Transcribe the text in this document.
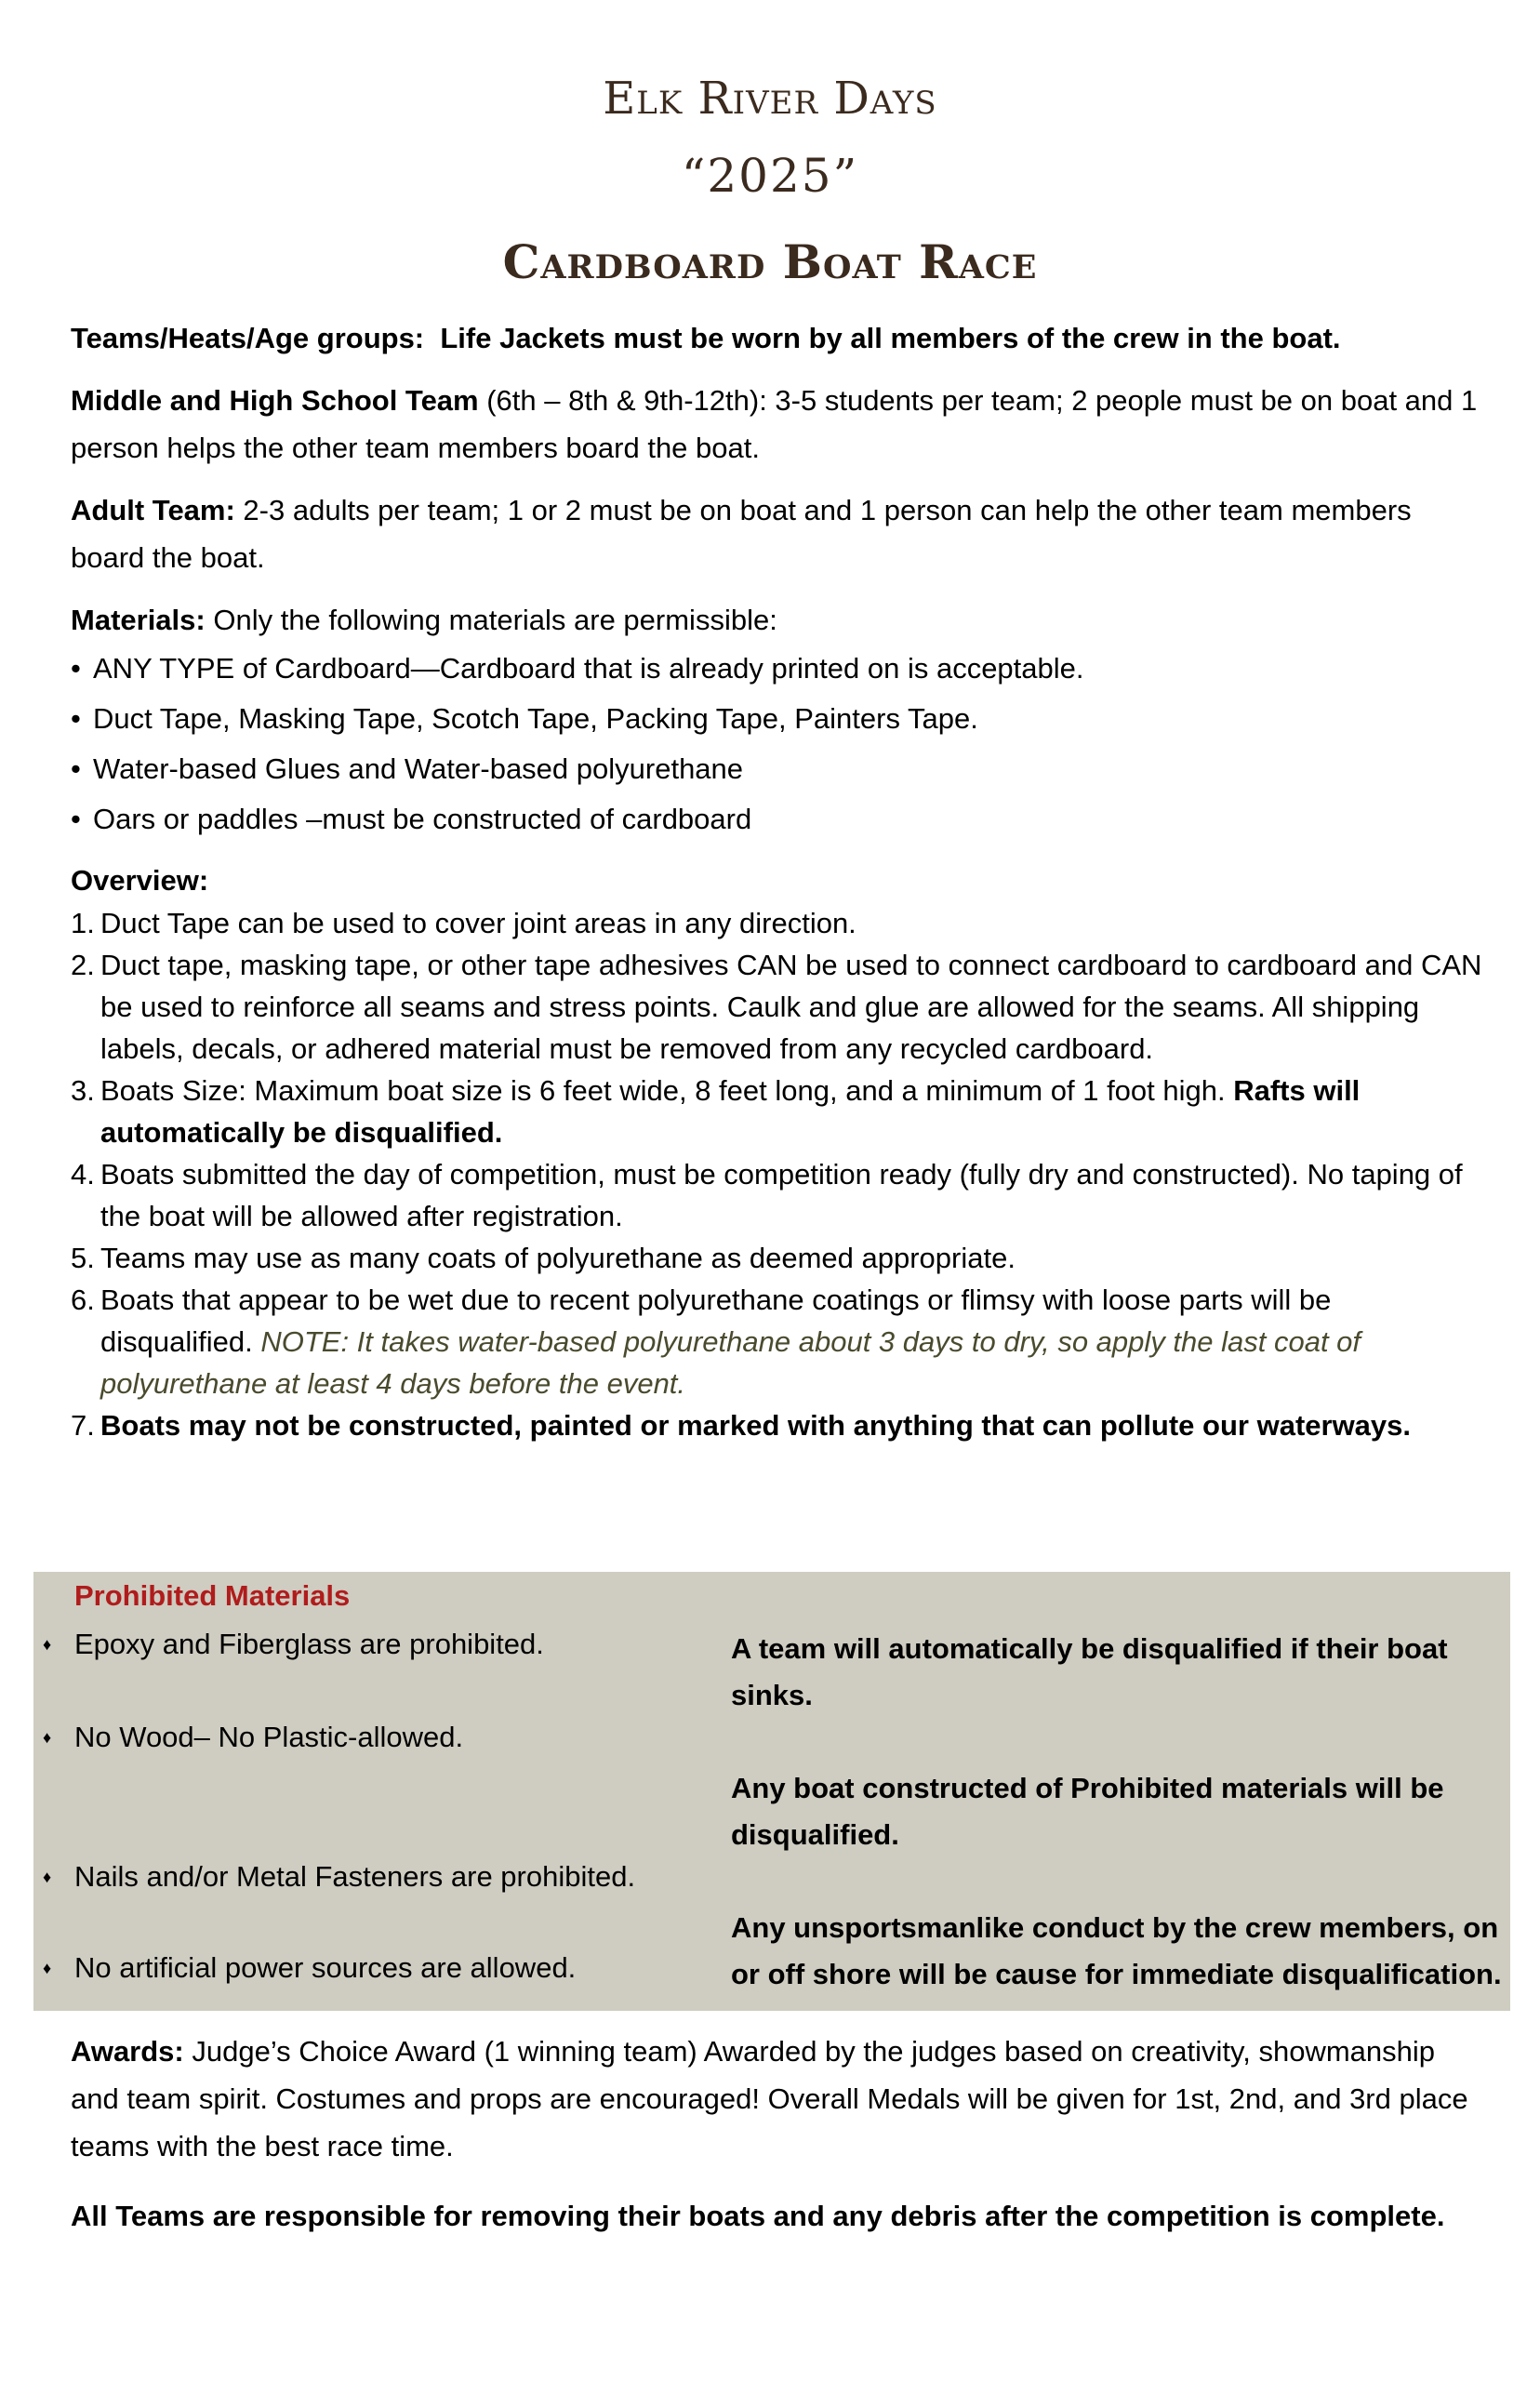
Elk River Days
“2025”
Cardboard Boat Race

Teams/Heats/Age groups: Life Jackets must be worn by all members of the crew in the boat.

Middle and High School Team (6th – 8th & 9th-12th): 3-5 students per team; 2 people must be on boat and 1 person helps the other team members board the boat.

Adult Team: 2-3 adults per team; 1 or 2 must be on boat and 1 person can help the other team members board the boat.

Materials: Only the following materials are permissible:

• ANY TYPE of Cardboard—Cardboard that is already printed on is acceptable.
• Duct Tape, Masking Tape, Scotch Tape, Packing Tape, Painters Tape.
• Water-based Glues and Water-based polyurethane
• Oars or paddles –must be constructed of cardboard

Overview:

1. Duct Tape can be used to cover joint areas in any direction.
2. Duct tape, masking tape, or other tape adhesives CAN be used to connect cardboard to cardboard and CAN be used to reinforce all seams and stress points. Caulk and glue are allowed for the seams. All shipping labels, decals, or adhered material must be removed from any recycled cardboard.
3. Boats Size: Maximum boat size is 6 feet wide, 8 feet long, and a minimum of 1 foot high. Rafts will automatically be disqualified.
4. Boats submitted the day of competition, must be competition ready (fully dry and constructed). No taping of the boat will be allowed after registration.
5. Teams may use as many coats of polyurethane as deemed appropriate.
6. Boats that appear to be wet due to recent polyurethane coatings or flimsy with loose parts will be disqualified. NOTE: It takes water-based polyurethane about 3 days to dry, so apply the last coat of polyurethane at least 4 days before the event.
7. Boats may not be constructed, painted or marked with anything that can pollute our waterways.
Prohibited Materials
♦ Epoxy and Fiberglass are prohibited.
♦ No Wood– No Plastic-allowed.
♦ Nails and/or Metal Fasteners are prohibited.
♦ No artificial power sources are allowed.

A team will automatically be disqualified if their boat sinks.

Any boat constructed of Prohibited materials will be disqualified.

Any unsportsmanlike conduct by the crew members, on or off shore will be cause for immediate disqualification.

Awards: Judge’s Choice Award (1 winning team) Awarded by the judges based on creativity, showmanship and team spirit. Costumes and props are encouraged! Overall Medals will be given for 1st, 2nd, and 3rd place teams with the best race time.

All Teams are responsible for removing their boats and any debris after the competition is complete.
